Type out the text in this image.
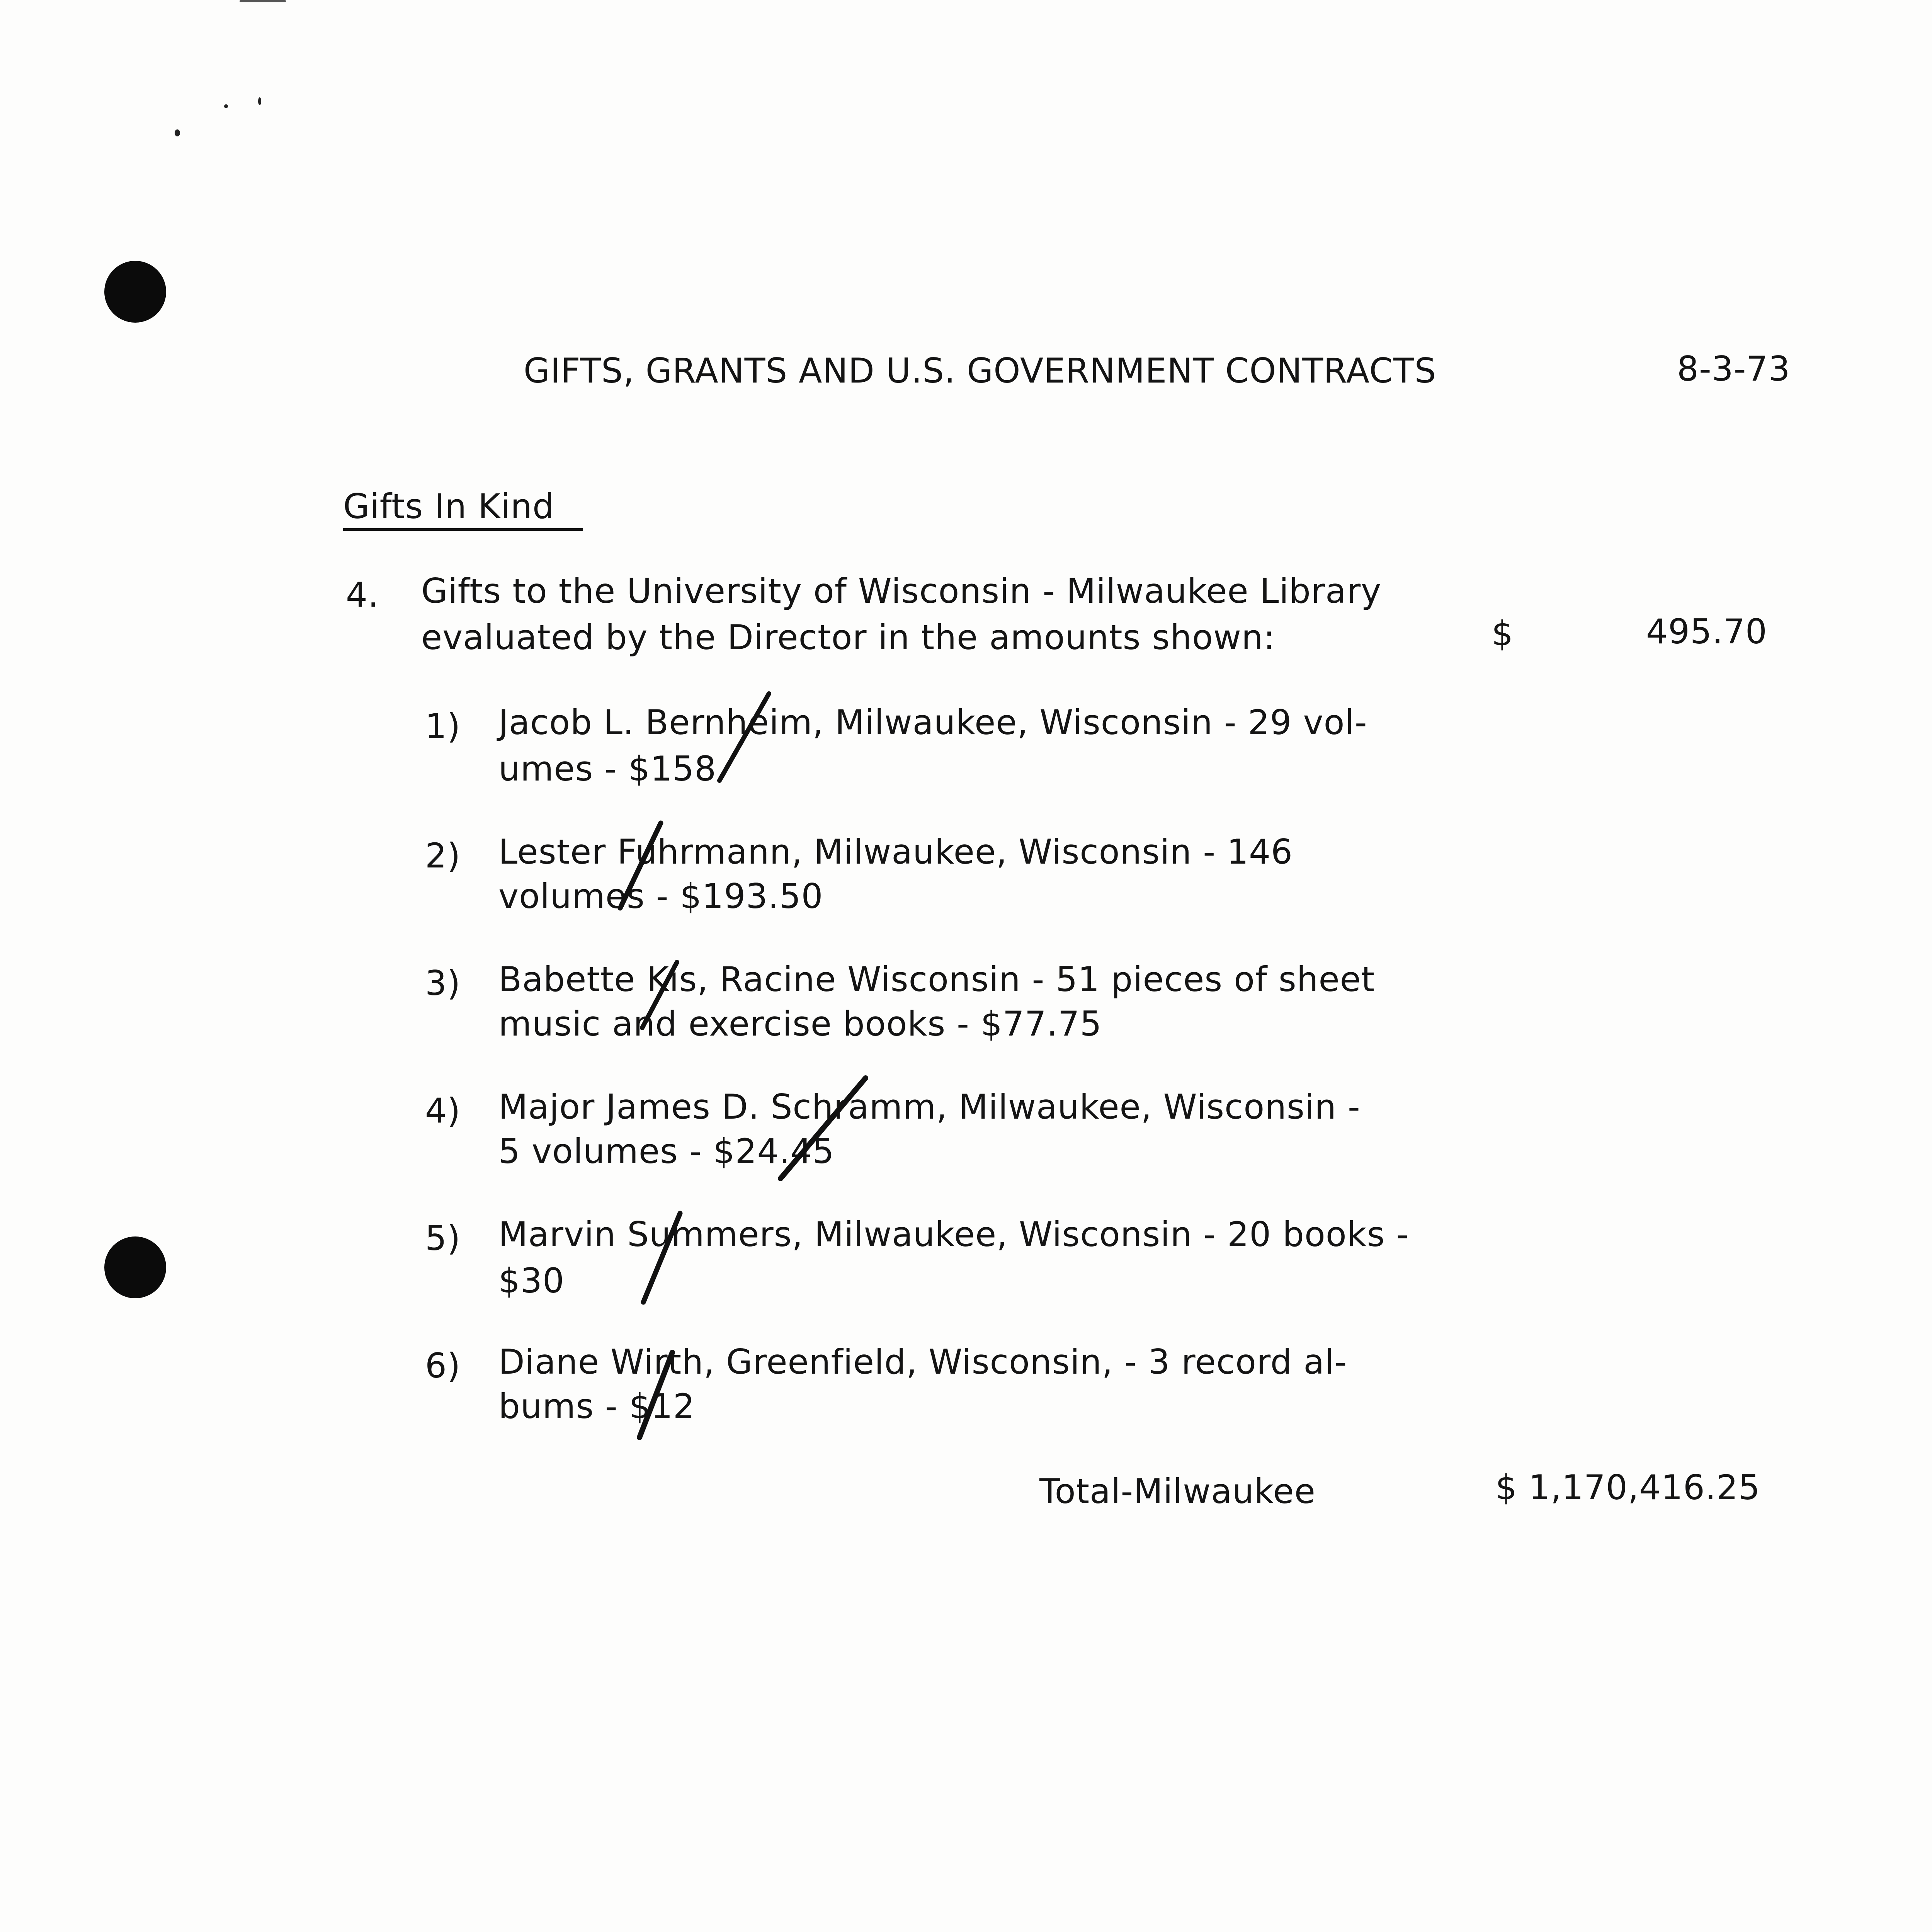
GIFTS, GRANTS AND U.S. GOVERNMENT CONTRACTS	8-3-73
Gifts In Kind
4. Gifts to the University of Wisconsin - Milwaukee Library
evaluated by the Director in the amounts shown:	$	495.70
1) Jacob L. Bernheim, Milwaukee, Wisconsin - 29 vol-
umes - $158
2) Lester Fuhrmann, Milwaukee, Wisconsin - 146
volumes - $193.50
3) Babette Kis, Racine Wisconsin - 51 pieces of sheet
music and exercise books - $77.75
4) Major James D. Schramm, Milwaukee, Wisconsin -
5 volumes - $24.45
5) Marvin Summers, Milwaukee, Wisconsin - 20 books -
$30
6) Diane Wirth, Greenfield, Wisconsin, - 3 record al-
bums - $12
Total-Milwaukee	$ 1,170,416.25
